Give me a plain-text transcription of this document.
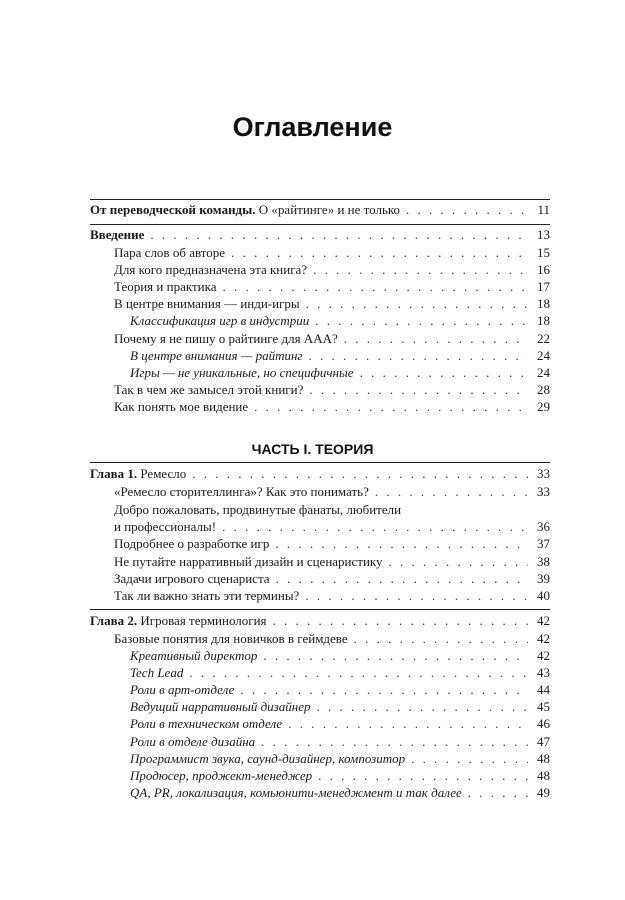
Оглавление
От переводческой команды. О «райтинге» и не только . . .	11
Введение . . .	13
Пара слов об авторе . . .	15
Для кого предназначена эта книга? . . .	16
Теория и практика . . .	17
В центре внимания — инди-игры . . .	18
Классификация игр в индустрии . . .	18
Почему я не пишу о райтинге для AAA? . . .	22
В центре внимания — райтинг . . .	24
Игры — не уникальные, но специфичные . . .	24
Так в чем же замысел этой книги? . . .	28
Как понять мое видение . . .	29
ЧАСТЬ I. ТЕОРИЯ
Глава 1. Ремесло . . .	33
«Ремесло сторителлинга»? Как это понимать? . . .	33
Добро пожаловать, продвинутые фанаты, любители
и профессионалы! . . .	36
Подробнее о разработке игр . . .	37
Не путайте нарративный дизайн и сценаристику . . .	38
Задачи игрового сценариста . . .	39
Так ли важно знать эти термины? . . .	40
Глава 2. Игровая терминология . . .	42
Базовые понятия для новичков в геймдеве . . .	42
Креативный директор . . .	42
Tech Lead . . .	43
Роли в арт-отделе . . .	44
Ведущий нарративный дизайнер . . .	45
Роли в техническом отделе . . .	46
Роли в отделе дизайна . . .	47
Программист звука, саунд-дизайнер, композитор . . .	48
Продюсер, проджект-менеджер . . .	48
QA, PR, локализация, комьюнити-менеджмент и так далее . . .	49
